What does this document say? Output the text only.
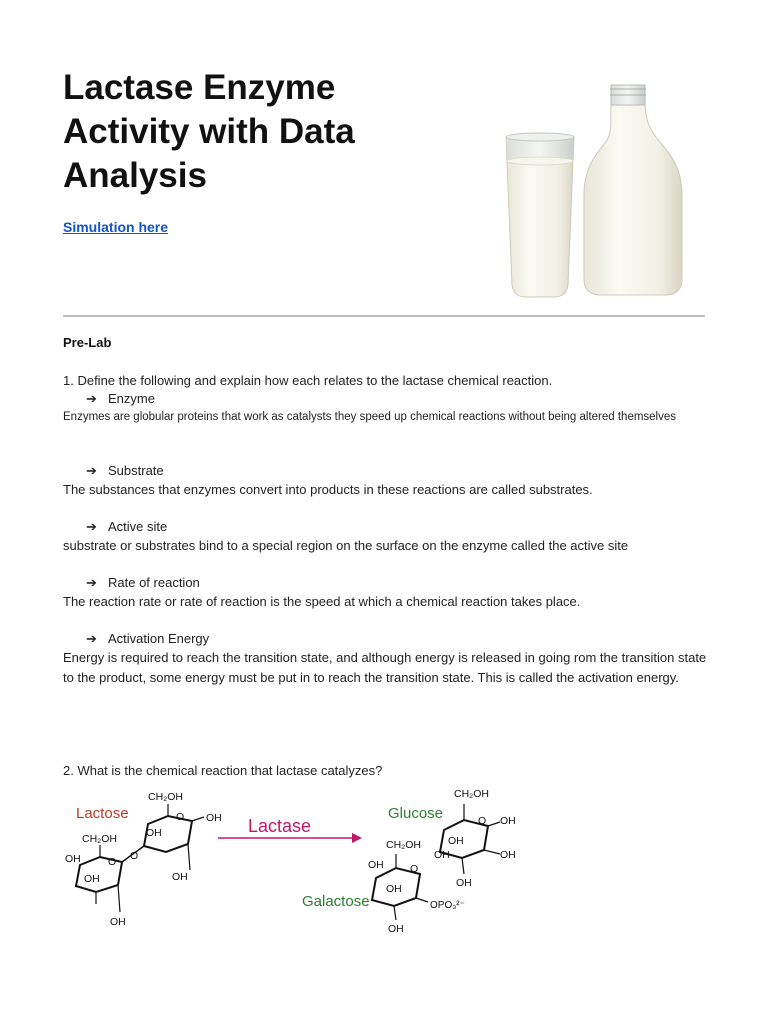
Lactase Enzyme
Activity with Data
Analysis
Simulation here
Pre-Lab
1. Define the following and explain how each relates to the lactase chemical reaction.
➔ Enzyme
Enzymes are globular proteins that work as catalysts they speed up chemical reactions without being altered themselves
➔ Substrate
The substances that enzymes convert into products in these reactions are called substrates.
➔ Active site
substrate or substrates bind to a special region on the surface on the enzyme called the active site
➔ Rate of reaction
The reaction rate or rate of reaction is the speed at which a chemical reaction takes place.
➔ Activation Energy
Energy is required to reach the transition state, and although energy is released in going rom the transition state to the product, some energy must be put in to reach the transition state. This is called the activation energy.
2. What is the chemical reaction that lactase catalyzes?
Lactose
CH₂OH
CH₂OH	OH
OH
O
O
O
OH
OH	OH
OH
Lactase
Glucose
CH₂OH
O OH
OH
OH
OH
OH
Galactose
CH₂OH
O
OH
OH
OPO₃²⁻
OH
